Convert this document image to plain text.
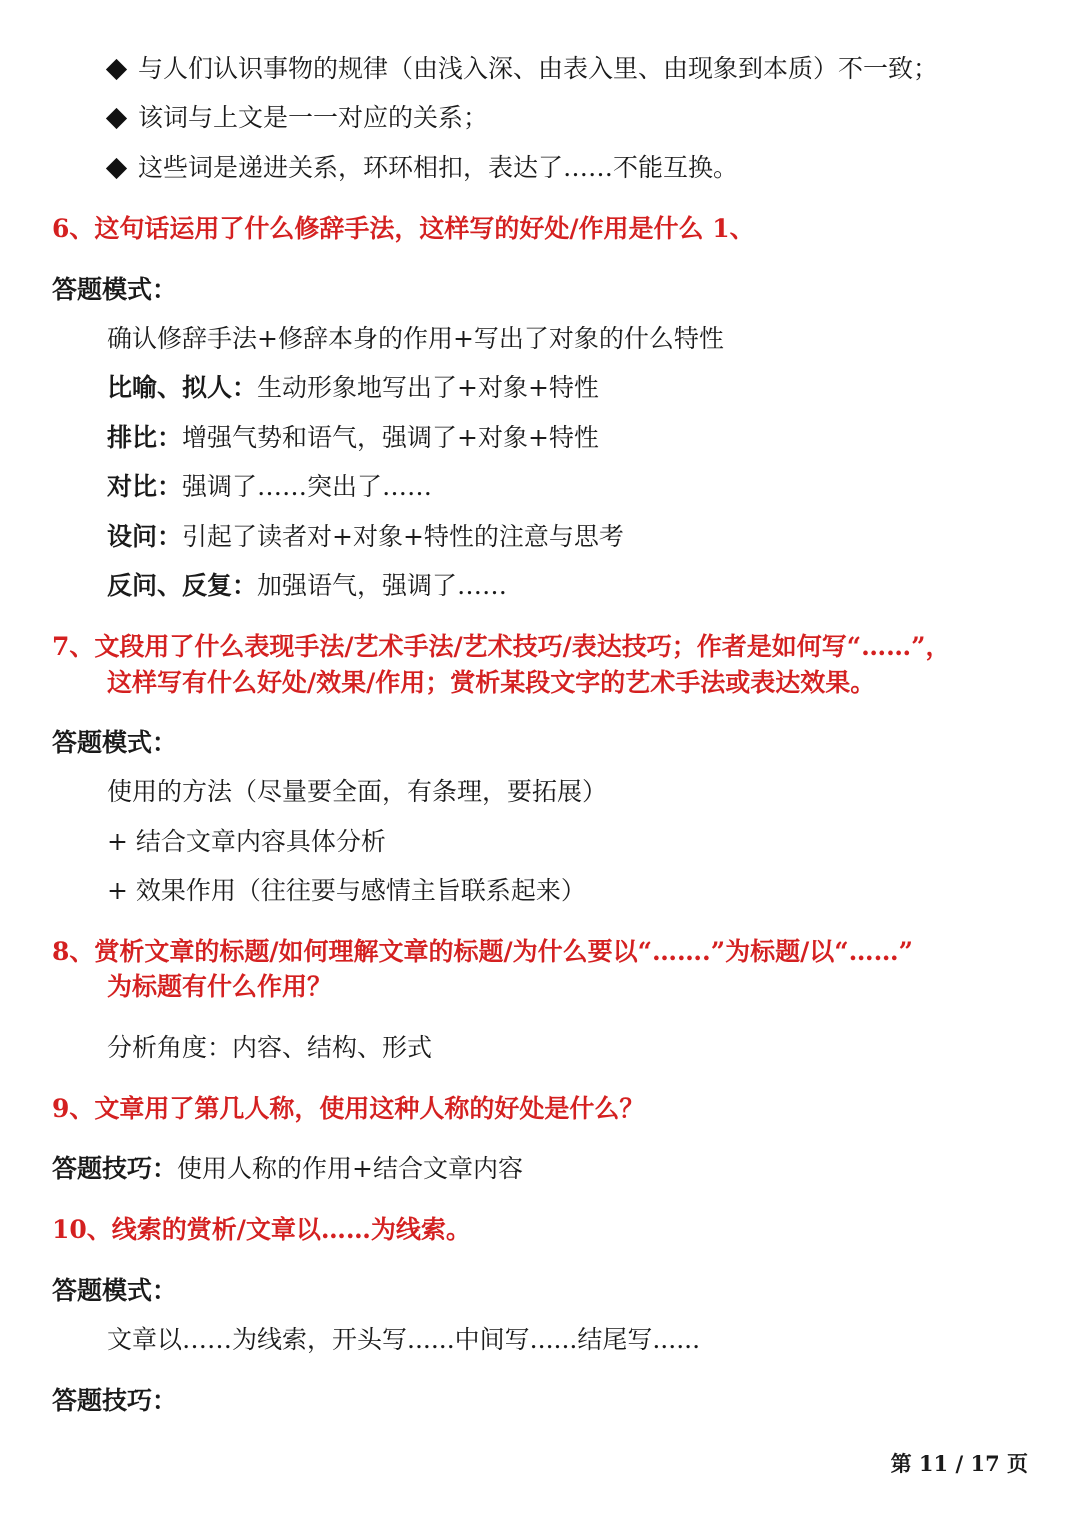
与人们认识事物的规律（由浅入深、由表入里、由现象到本质）不一致；
该词与上文是一一对应的关系；
这些词是递进关系，环环相扣，表达了……不能互换。
6、这句话运用了什么修辞手法，这样写的好处/作用是什么 1、
答题模式：
确认修辞手法+修辞本身的作用+写出了对象的什么特性
比喻、拟人：生动形象地写出了+对象+特性
排比：增强气势和语气，强调了+对象+特性
对比：强调了……突出了……
设问：引起了读者对+对象+特性的注意与思考
反问、反复：加强语气，强调了……
7、文段用了什么表现手法/艺术手法/艺术技巧/表达技巧；作者是如何写“……”，
这样写有什么好处/效果/作用；赏析某段文字的艺术手法或表达效果。
答题模式：
使用的方法（尽量要全面，有条理，要拓展）
+ 结合文章内容具体分析
+ 效果作用（往往要与感情主旨联系起来）
8、赏析文章的标题/如何理解文章的标题/为什么要以“…….”为标题/以“……”
为标题有什么作用？
分析角度：内容、结构、形式
9、文章用了第几人称，使用这种人称的好处是什么？
答题技巧：使用人称的作用+结合文章内容
10、线索的赏析/文章以……为线索。
答题模式：
文章以……为线索，开头写......中间写......结尾写......
答题技巧：
第 11 / 17 页
